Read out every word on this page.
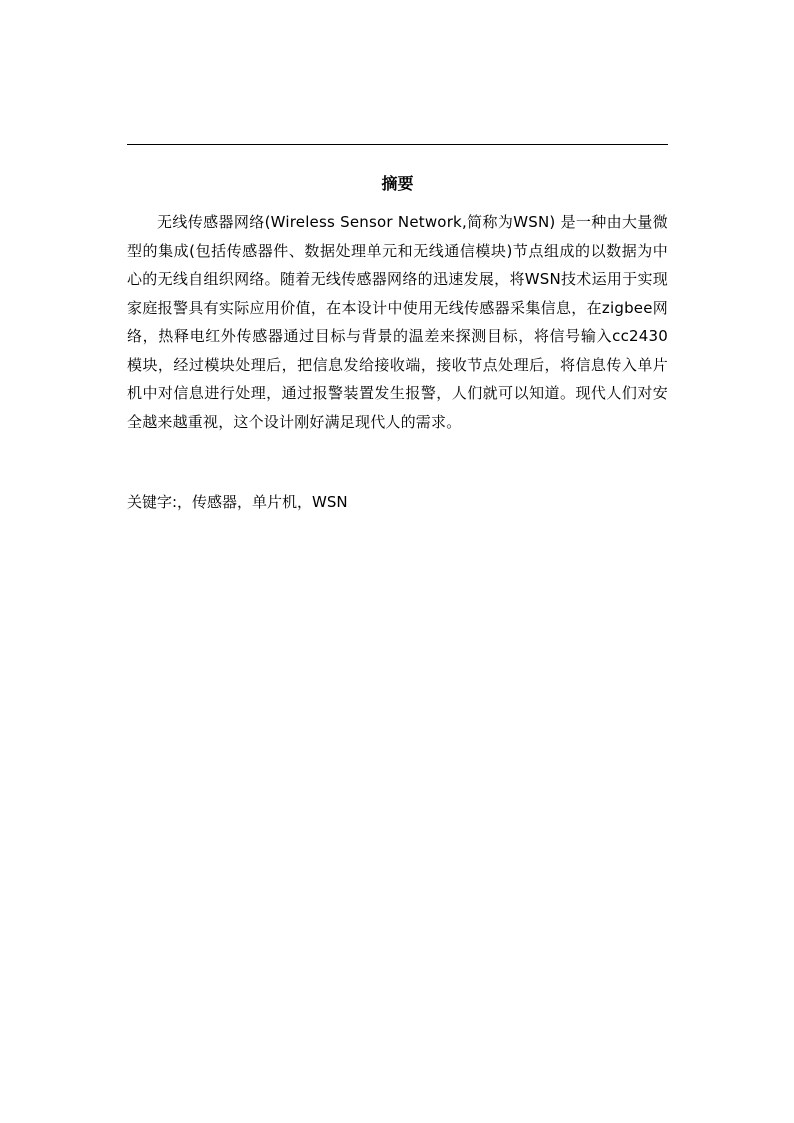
摘要

无线传感器网络(Wireless Sensor Network,简称为WSN) 是一种由大量微型的集成(包括传感器件、数据处理单元和无线通信模块)节点组成的以数据为中心的无线自组织网络。随着无线传感器网络的迅速发展，将WSN技术运用于实现家庭报警具有实际应用价值，在本设计中使用无线传感器采集信息，在zigbee网络，热释电红外传感器通过目标与背景的温差来探测目标，将信号输入cc2430模块，经过模块处理后，把信息发给接收端，接收节点处理后，将信息传入单片机中对信息进行处理，通过报警装置发生报警，人们就可以知道。现代人们对安全越来越重视，这个设计刚好满足现代人的需求。

关键字:，传感器，单片机，WSN
